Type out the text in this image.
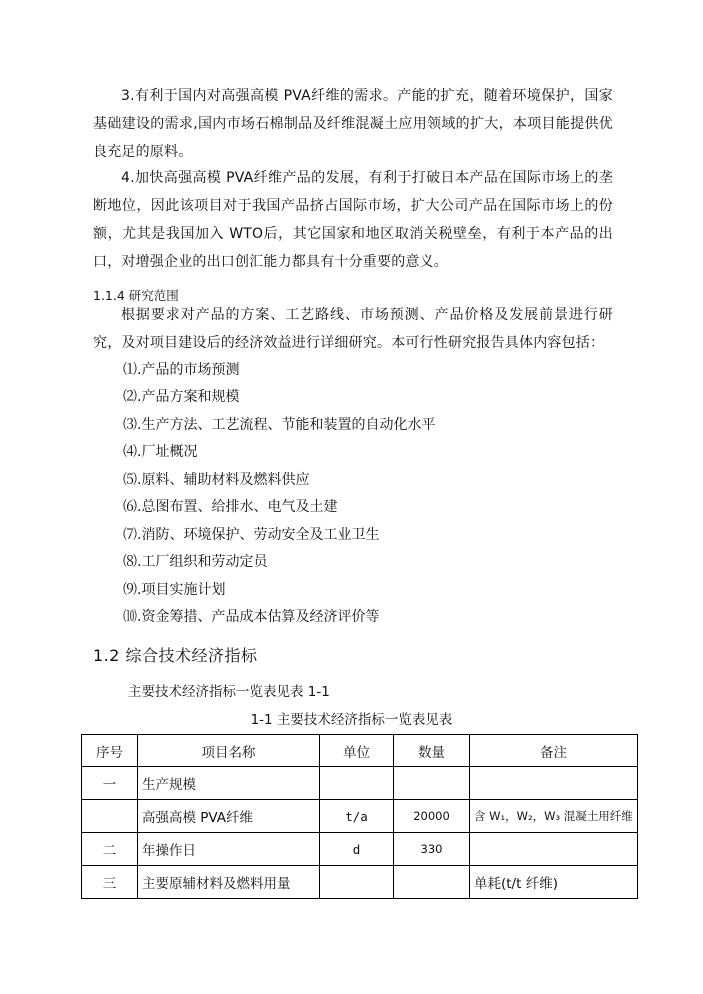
3.有利于国内对高强高模 PVA纤维的需求。产能的扩充，随着环境保护，国家基础建设的需求,国内市场石棉制品及纤维混凝土应用领域的扩大，本项目能提供优良充足的原料。

4.加快高强高模 PVA纤维产品的发展，有利于打破日本产品在国际市场上的垄断地位，因此该项目对于我国产品挤占国际市场，扩大公司产品在国际市场上的份额，尤其是我国加入 WTO后，其它国家和地区取消关税壁垒，有利于本产品的出口，对增强企业的出口创汇能力都具有十分重要的意义。

1.1.4 研究范围

根据要求对产品的方案、工艺路线、市场预测、产品价格及发展前景进行研究，及对项目建设后的经济效益进行详细研究。本可行性研究报告具体内容包括：

⑴.产品的市场预测
⑵.产品方案和规模
⑶.生产方法、工艺流程、节能和装置的自动化水平
⑷.厂址概况
⑸.原料、辅助材料及燃料供应
⑹.总图布置、给排水、电气及土建
⑺.消防、环境保护、劳动安全及工业卫生
⑻.工厂组织和劳动定员
⑼.项目实施计划
⑽.资金筹措、产品成本估算及经济评价等
1.2 综合技术经济指标
主要技术经济指标一览表见表 1-1
1-1 主要技术经济指标一览表见表
序号	项目名称	单位	数量	备注
一	生产规模			
	高强高模 PVA纤维	t/a	20000	含 W₁，W₂，W₃ 混凝土用纤维
二	年操作日	d	330	
三	主要原辅材料及燃料用量			单耗(t/t 纤维)
